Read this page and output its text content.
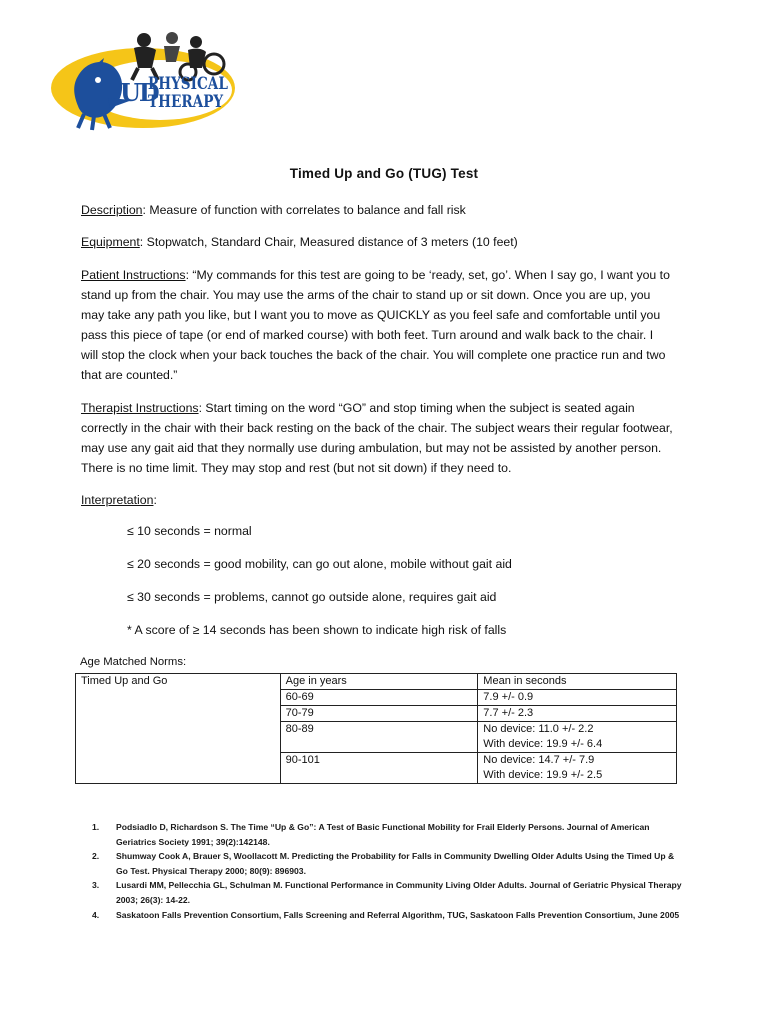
UD
PHYSICAL
THERAPY
Timed Up and Go (TUG) Test
Description: Measure of function with correlates to balance and fall risk
Equipment: Stopwatch, Standard Chair, Measured distance of 3 meters (10 feet)
Patient Instructions: “My commands for this test are going to be ‘ready, set, go’. When I say go, I want you to stand up from the chair. You may use the arms of the chair to stand up or sit down. Once you are up, you may take any path you like, but I want you to move as QUICKLY as you feel safe and comfortable until you pass this piece of tape (or end of marked course) with both feet. Turn around and walk back to the chair. I will stop the clock when your back touches the back of the chair. You will complete one practice run and two that are counted.”
Therapist Instructions: Start timing on the word “GO” and stop timing when the subject is seated again correctly in the chair with their back resting on the back of the chair. The subject wears their regular footwear, may use any gait aid that they normally use during ambulation, but may not be assisted by another person. There is no time limit. They may stop and rest (but not sit down) if they need to.
Interpretation:
≤ 10 seconds = normal
≤ 20 seconds = good mobility, can go out alone, mobile without gait aid
≤ 30 seconds = problems, cannot go outside alone, requires gait aid
* A score of ≥ 14 seconds has been shown to indicate high risk of falls
Age Matched Norms:
Timed Up and Go	Age in years	Mean in seconds
	60-69	7.9 +/- 0.9
	70-79	7.7 +/- 2.3
	80-89	No device: 11.0 +/- 2.2
With device: 19.9 +/- 6.4

	90-101	No device: 14.7 +/- 7.9
With device: 19.9 +/- 2.5
1.	Podsiadlo D, Richardson S. The Time “Up & Go”: A Test of Basic Functional Mobility for Frail Elderly Persons. Journal of American Geriatrics Society 1991; 39(2):142148.
2.	Shumway Cook A, Brauer S, Woollacott M. Predicting the Probability for Falls in Community Dwelling Older Adults Using the Timed Up & Go Test. Physical Therapy 2000; 80(9): 896903.
3.	Lusardi MM, Pellecchia GL, Schulman M. Functional Performance in Community Living Older Adults. Journal of Geriatric Physical Therapy 2003; 26(3): 14-22.
4.	Saskatoon Falls Prevention Consortium, Falls Screening and Referral Algorithm, TUG, Saskatoon Falls Prevention Consortium, June 2005
